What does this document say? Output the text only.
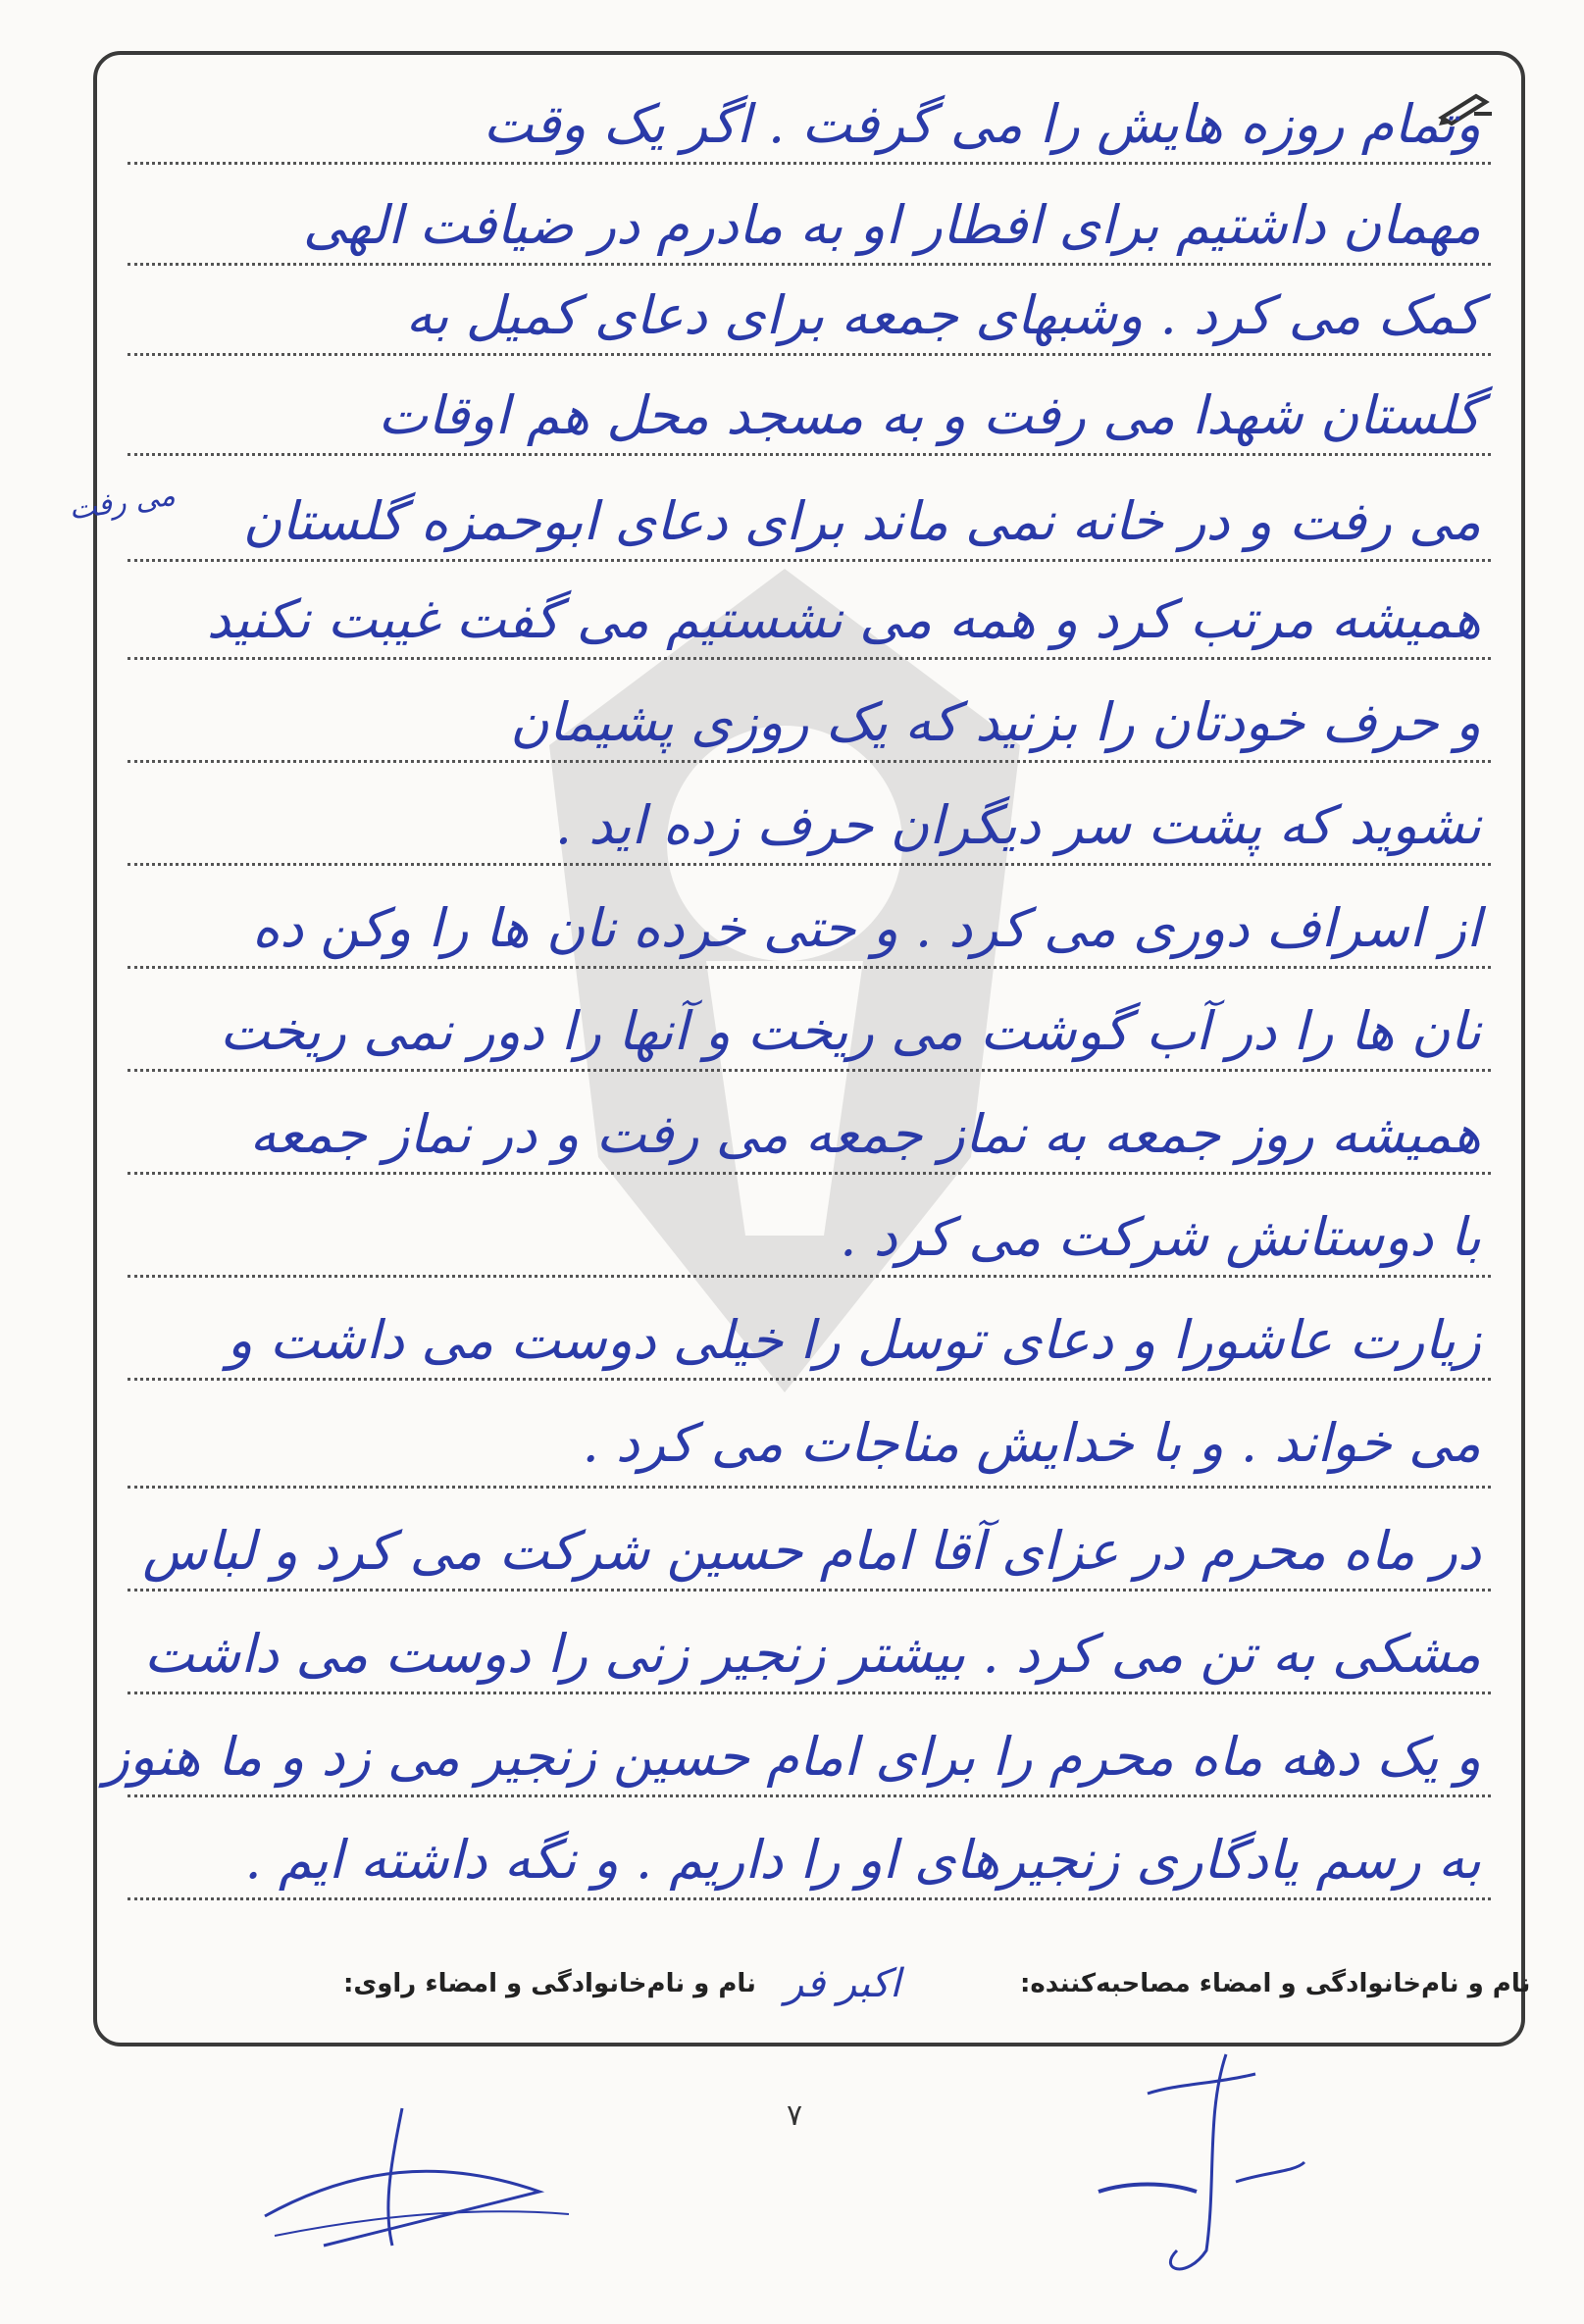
وتمام روزه هایش را می گرفت . اگر یک وقت
مهمان داشتیم برای افطار او به مادرم در ضیافت الهی
کمک می کرد . وشبهای جمعه برای دعای کمیل به
گلستان شهدا می رفت و به مسجد محل هم اوقات
می رفت و در خانه نمی ماند برای دعای ابوحمزه گلستان
همیشه مرتب کرد و همه می نشستیم می گفت غیبت نکنید
و حرف خودتان را بزنید که یک روزی پشیمان
نشوید که پشت سر دیگران حرف زده اید .
از اسراف دوری می کرد . و حتی خرده نان ها را وکن ده
نان ها را در آب گوشت می ریخت و آنها را دور نمی ریخت
همیشه روز جمعه به نماز جمعه می رفت و در نماز جمعه
با دوستانش شرکت می کرد .
زیارت عاشورا و دعای توسل را خیلی دوست می داشت و
می خواند . و با خدایش مناجات می کرد .
در ماه محرم در عزای آقا امام حسین شرکت می کرد و لباس
مشکی به تن می کرد . بیشتر زنجیر زنی را دوست می داشت
و یک دهه ماه محرم را برای امام حسین زنجیر می زد و ما هنوز
به رسم یادگاری زنجیرهای او را داریم . و نگه داشته ایم .
می رفت
نام و نام‌خانوادگی و امضاء مصاحبه‌کننده:
اکبر فر
نام و نام‌خانوادگی و امضاء راوی:
۷
